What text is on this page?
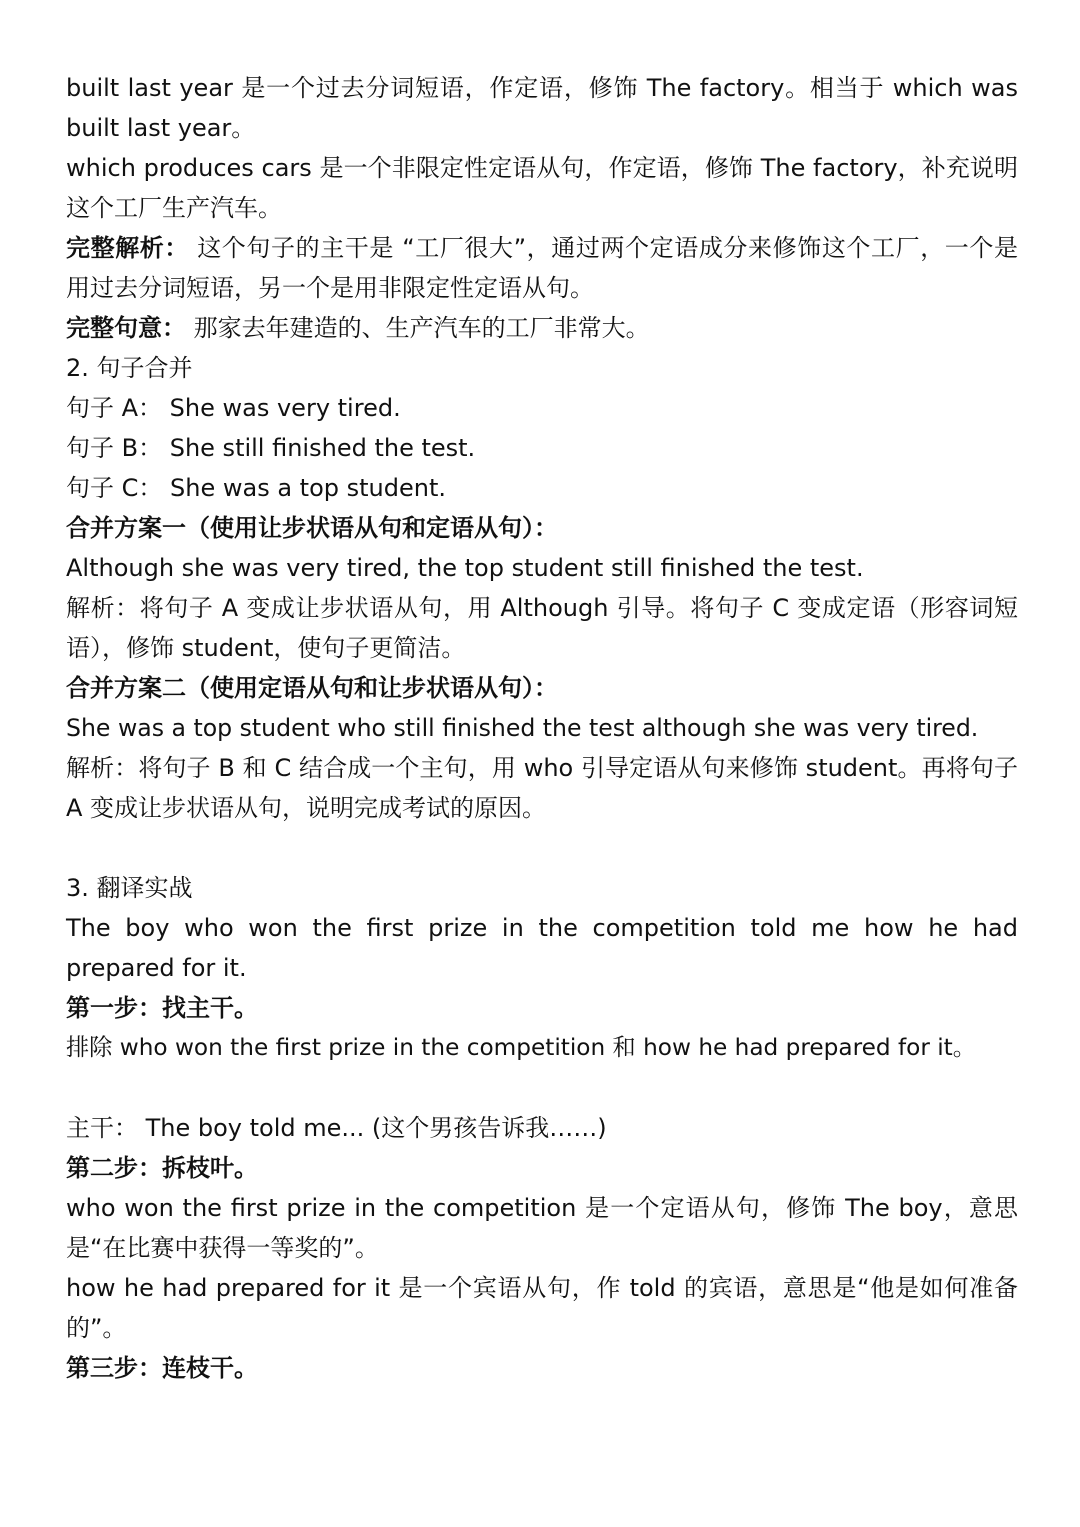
built last year 是一个过去分词短语，作定语，修饰 The factory。相当于 which was built last year。

which produces cars 是一个非限定性定语从句，作定语，修饰 The factory，补充说明这个工厂生产汽车。

完整解析： 这个句子的主干是 “工厂很大”，通过两个定语成分来修饰这个工厂，一个是用过去分词短语，另一个是用非限定性定语从句。

完整句意： 那家去年建造的、生产汽车的工厂非常大。

2. 句子合并

句子 A： She was very tired.

句子 B： She still finished the test.

句子 C： She was a top student.

合并方案一（使用让步状语从句和定语从句）：

Although she was very tired, the top student still finished the test.

解析：将句子 A 变成让步状语从句，用 Although 引导。将句子 C 变成定语（形容词短语），修饰 student，使句子更简洁。

合并方案二（使用定语从句和让步状语从句）：

She was a top student who still finished the test although she was very tired.

解析：将句子 B 和 C 结合成一个主句，用 who 引导定语从句来修饰 student。再将句子 A 变成让步状语从句，说明完成考试的原因。

3. 翻译实战

The boy who won the first prize in the competition told me how he had prepared for it.

第一步：找主干。

排除 who won the first prize in the competition 和 how he had prepared for it。

主干： The boy told me... (这个男孩告诉我……)

第二步：拆枝叶。

who won the first prize in the competition 是一个定语从句，修饰 The boy，意思是“在比赛中获得一等奖的”。

how he had prepared for it 是一个宾语从句，作 told 的宾语，意思是“他是如何准备的”。

第三步：连枝干。
